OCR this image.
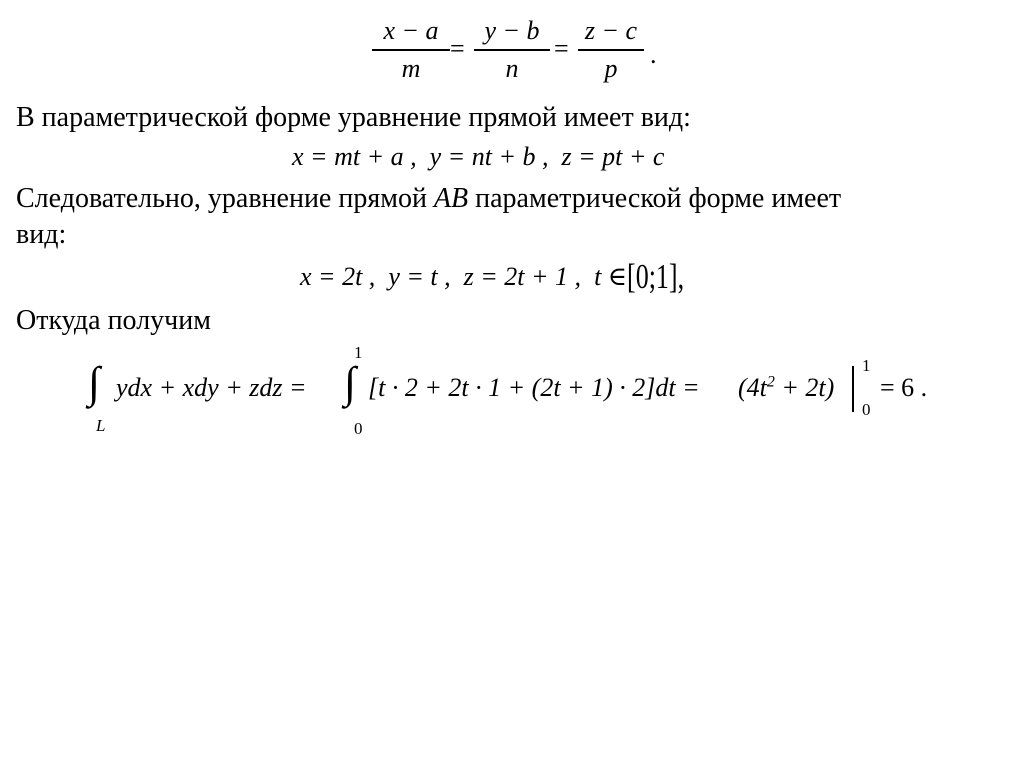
x − a
m
=
y − b
n
=
z − c
p	.
В параметрической форме уравнение прямой имеет вид:
x = mt + a , y = nt + b , z = pt + c
Следовательно, уравнение прямой AB параметрической форме имеет
вид:
x = 2t , y = t , z = 2t + 1 , t ∈[0;1],
Откуда получим
∫
L
ydx + xdy + zdz =
1
∫
0
$[t \cdot 2 + 2t \cdot 1 + (2t + 1) \cdot 2]dt = (4t^2 + 2t)$
1
0
= 6 .
